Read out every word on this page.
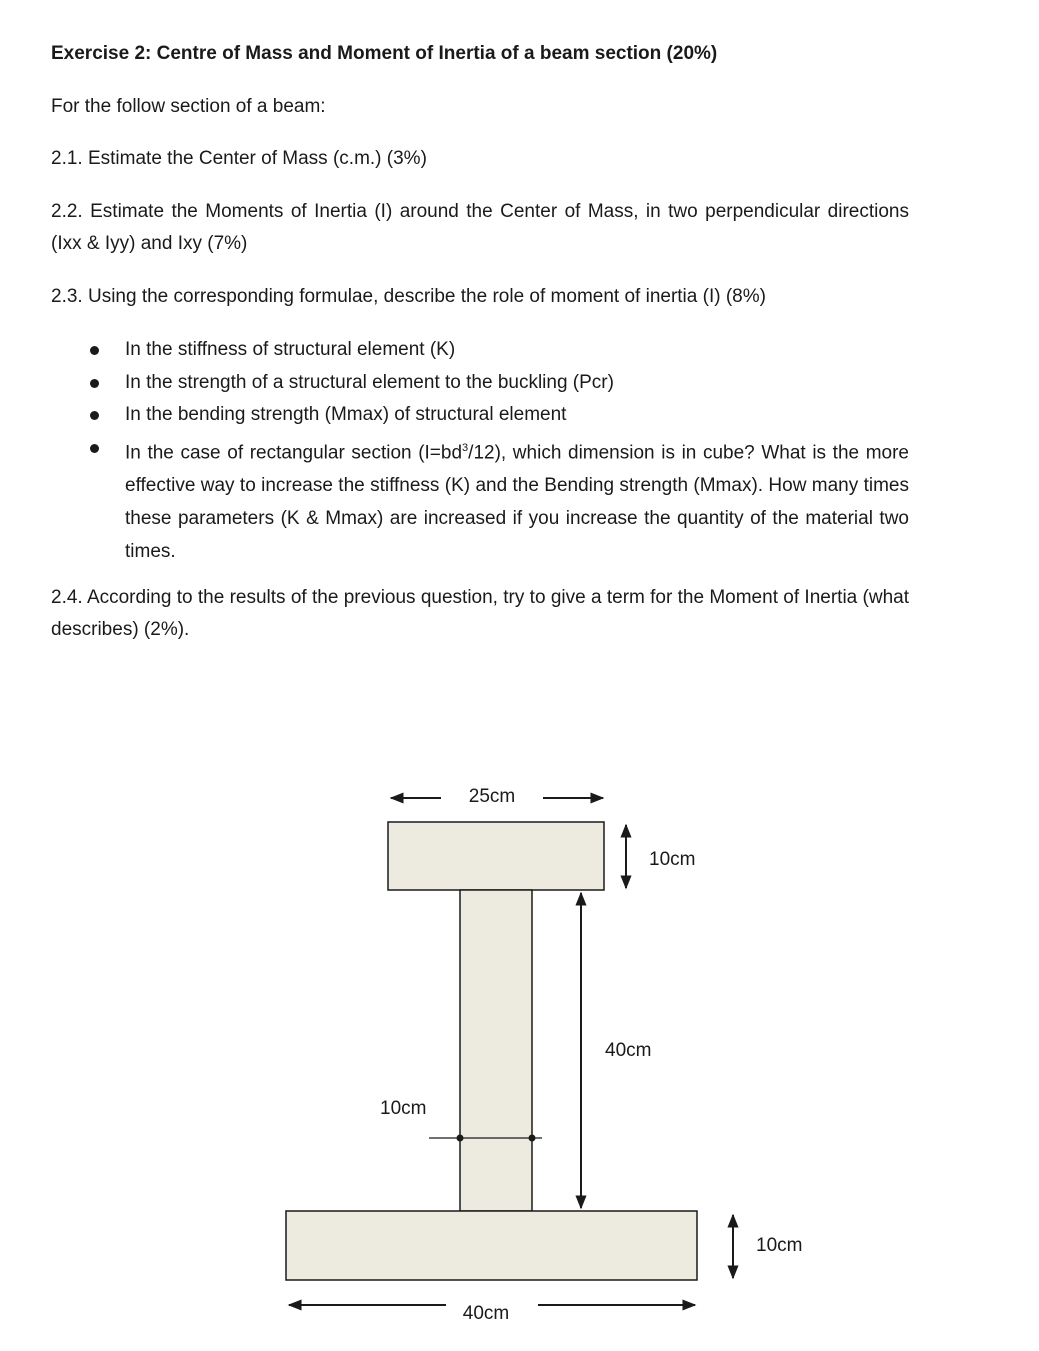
Exercise 2: Centre of Mass and Moment of Inertia of a beam section (20%)

For the follow section of a beam:

2.1. Estimate the Center of Mass (c.m.) (3%)

2.2. Estimate the Moments of Inertia (I) around the Center of Mass, in two perpendicular directions (Ixx & Iyy) and Ixy (7%)

2.3. Using the corresponding formulae, describe the role of moment of inertia (I) (8%)

In the stiffness of structural element (K)
In the strength of a structural element to the buckling (Pcr)
In the bending strength (Mmax) of structural element
In the case of rectangular section $(I=bd^3/12)$, which dimension is in cube? What is the more effective way to increase the stiffness (K) and the Bending strength (Mmax). How many times these parameters (K & Mmax) are increased if you increase the quantity of the material two times.

2.4. According to the results of the previous question, try to give a term for the Moment of Inertia (what describes) (2%).

25cm
10cm
40cm
10cm
10cm
40cm
